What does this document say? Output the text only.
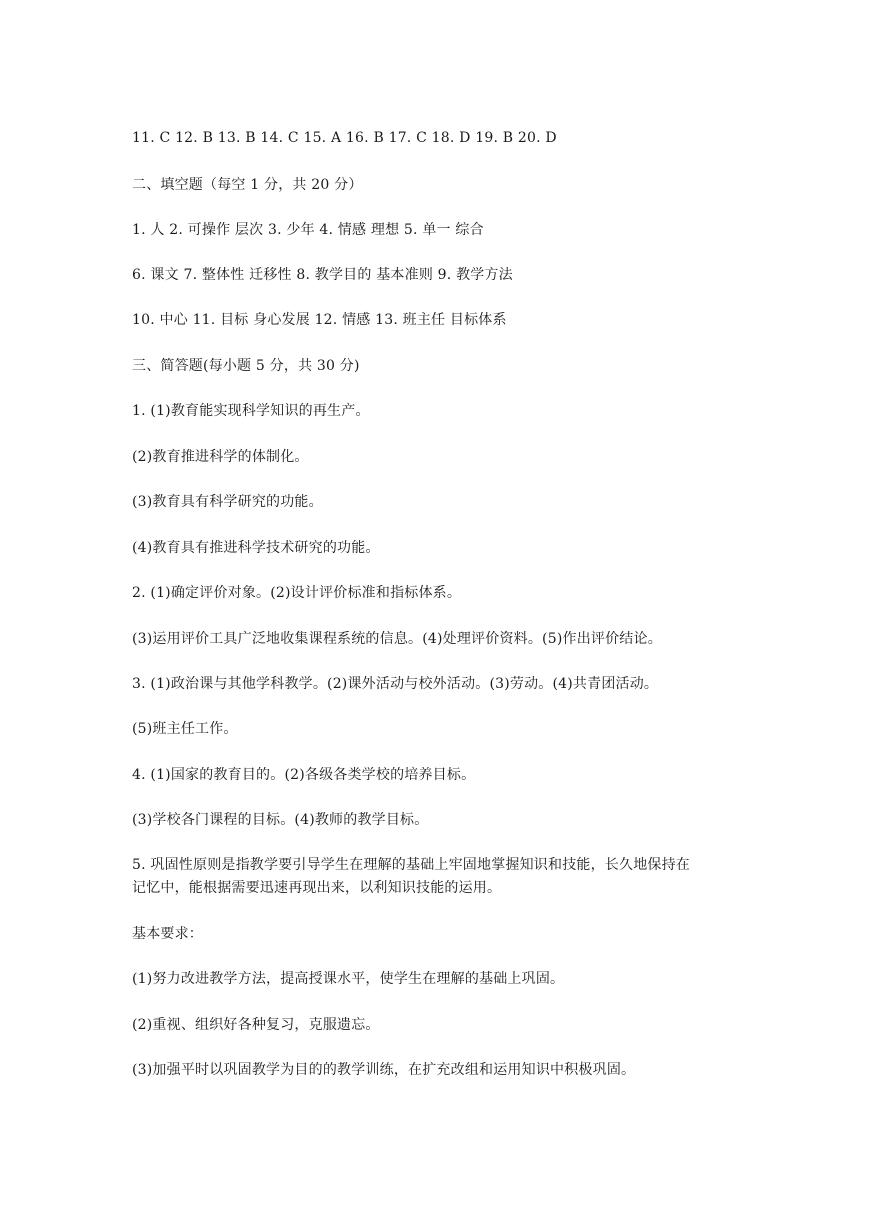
11. C 12. B 13. B 14. C 15. A 16. B 17. C 18. D 19. B 20. D

二、填空题（每空 1 分，共 20 分）

1. 人 2. 可操作 层次 3. 少年 4. 情感 理想 5. 单一 综合

6. 课文 7. 整体性 迁移性 8. 教学目的 基本准则 9. 教学方法

10. 中心 11. 目标 身心发展 12. 情感 13. 班主任 目标体系

三、简答题(每小题 5 分，共 30 分)

1. (1)教育能实现科学知识的再生产。

(2)教育推进科学的体制化。

(3)教育具有科学研究的功能。

(4)教育具有推进科学技术研究的功能。

2. (1)确定评价对象。(2)设计评价标准和指标体系。

(3)运用评价工具广泛地收集课程系统的信息。(4)处理评价资料。(5)作出评价结论。

3. (1)政治课与其他学科教学。(2)课外活动与校外活动。(3)劳动。(4)共青团活动。

(5)班主任工作。

4. (1)国家的教育目的。(2)各级各类学校的培养目标。

(3)学校各门课程的目标。(4)教师的教学目标。

5. 巩固性原则是指教学要引导学生在理解的基础上牢固地掌握知识和技能，长久地保持在

记忆中，能根据需要迅速再现出来，以利知识技能的运用。

基本要求：

(1)努力改进教学方法，提高授课水平，使学生在理解的基础上巩固。

(2)重视、组织好各种复习，克服遗忘。

(3)加强平时以巩固教学为目的的教学训练，在扩充改组和运用知识中积极巩固。
